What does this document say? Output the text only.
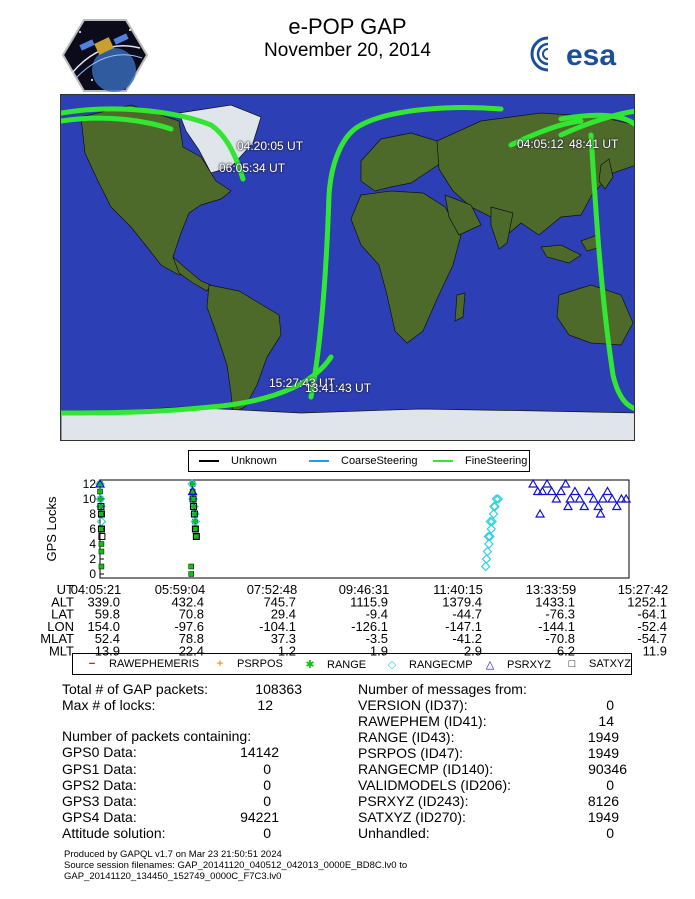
e-POP GAP
November 20, 2014	esa
04:20:05 UT
06:05:34 UT
04:05:12 48:41 UT
15:27:43 UT
13:41:43 UT
Unknown	CoarseSteering	FineSteering
0
2
4
6
8
10
12
GPS Locks
UT
04:05:21	05:59:04	07:52:48	09:46:31	11:40:15	13:33:59	15:27:42
ALT 339.0	432.4	745.7	1115.9	1379.4	1433.1	1252.1
LAT 59.8	70.8	29.4	-9.4	-44.7	-76.3	-64.1
LON 154.0	-97.6	-104.1	-126.1	-147.1	-144.1	-52.4
MLAT 52.4	78.8	37.3	-3.5	-41.2	-70.8	-54.7
MLT 13.9	22.4	1.2	1.9	2.9	6.2	11.9
− RAWEPHEMERIS	+ PSRPOS ✱ RANGE ◇ RANGECMP △ PSRXYZ	□ SATXYZ
Total # of GAP packets:	108363
Max # of locks:	12
Number of packets containing:
GPS0 Data:	14142
GPS1 Data:	0
GPS2 Data:	0
GPS3 Data:	0
GPS4 Data:	94221
Attitude solution:	0
Number of messages from:
VERSION (ID37):	0
RAWEPHEM (ID41):	14
RANGE (ID43):	1949
PSRPOS (ID47):	1949
RANGECMP (ID140):	90346
VALIDMODELS (ID206):	0
PSRXYZ (ID243):	8126
SATXYZ (ID270):	1949
Unhandled:	0
Produced by GAPQL v1.7 on Mar 23 21:50:51 2024
Source session filenames: GAP_20141120_040512_042013_0000E_BD8C.lv0 to
GAP_20141120_134450_152749_0000C_F7C3.lv0
